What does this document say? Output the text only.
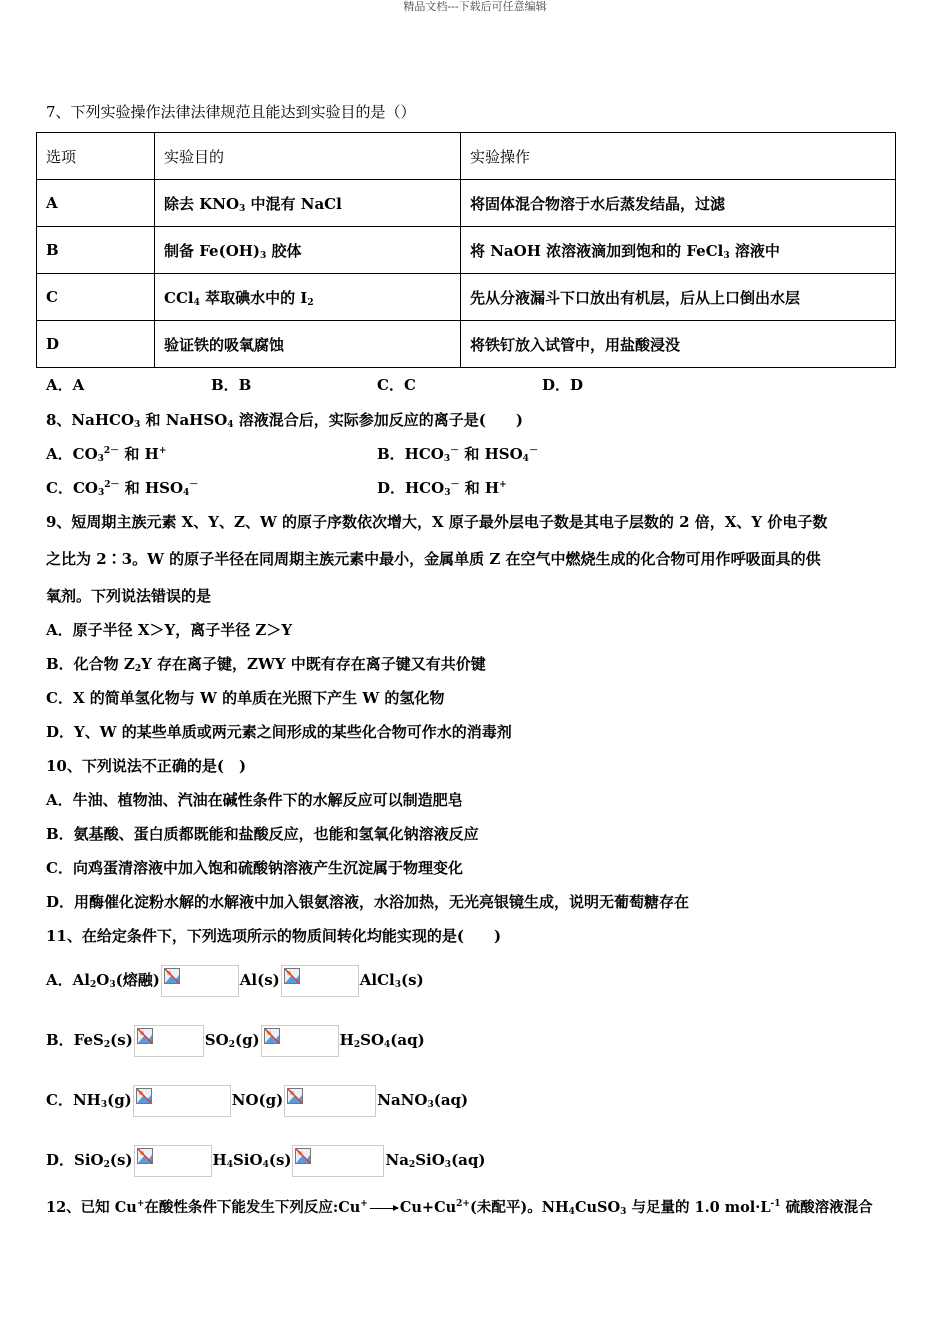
精品文档---下载后可任意编辑
7、下列实验操作法律法律规范且能达到实验目的是（）
选项	实验目的	实验操作
A	除去 $KNO_3$ 中混有 NaCl	将固体混合物溶于水后蒸发结晶，过滤
B	制备 $Fe(OH)_3$ 胶体	将 NaOH 浓溶液滴加到饱和的 FeCl$_3$ 溶液中
C	CCl$_4$ 萃取碘水中的 $I_2$	先从分液漏斗下口放出有机层，后从上口倒出水层
D	验证铁的吸氧腐蚀	将铁钉放入试管中，用盐酸浸没
A．A	B．B	C．C	D．D
8、NaHCO$_3$ 和 NaHSO$_4$ 溶液混合后，实际参加反应的离子是(　　)
A．$CO_3^{2-}$ 和 H+	B．$HCO_3^-$ 和 $HSO_4^-$
C．$CO_3^{2-}$ 和 $HSO_4^-$	D．$HCO_3^-$ 和 H+
9、短周期主族元素 X、Y、Z、W 的原子序数依次增大，X 原子最外层电子数是其电子层数的 2 倍，X、Y 价电子数
之比为 2∶3。W 的原子半径在同周期主族元素中最小，金属单质 Z 在空气中燃烧生成的化合物可用作呼吸面具的供
氧剂。下列说法错误的是
A．原子半径 X＞Y，离子半径 Z＞Y
B．化合物 $Z_2Y$ 存在离子键，ZWY 中既有存在离子键又有共价键
C．X 的简单氢化物与 W 的单质在光照下产生 W 的氢化物
D．Y、W 的某些单质或两元素之间形成的某些化合物可作水的消毒剂
10、下列说法不正确的是(　)
A．牛油、植物油、汽油在碱性条件下的水解反应可以制造肥皂
B．氨基酸、蛋白质都既能和盐酸反应，也能和氢氧化钠溶液反应
C．向鸡蛋清溶液中加入饱和硫酸钠溶液产生沉淀属于物理变化
D．用酶催化淀粉水解的水解液中加入银氨溶液，水浴加热，无光亮银镜生成，说明无葡萄糖存在
11、在给定条件下，下列选项所示的物质间转化均能实现的是(　　)
A．$Al_2O_3$(熔融)	Al(s)	AlCl$_3$(s)
B．FeS$_2$(s)	$SO_2(g)$	$H_2SO_4(aq)$
C．$NH_3(g)$	NO(g)	NaNO$_3$(aq)
D．SiO$_2$(s)	$H_4SiO_4(s)$	$Na_2SiO_3(aq)$
12、已知 Cu+在酸性条件下能发生下列反应:Cu+ → $Cu+Cu^{2+}$(未配平)。$NH_4CuSO_3$ 与足量的 1.0 $mol\cdot L^{-1}$ 硫酸溶液混合
